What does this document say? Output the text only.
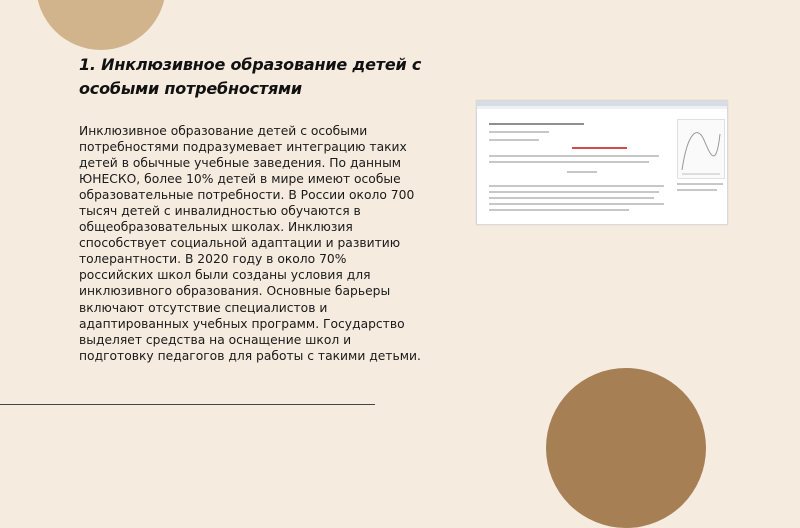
1. Инклюзивное образование детей с особыми потребностями

Инклюзивное образование детей с особыми потребностями подразумевает интеграцию таких детей в обычные учебные заведения. По данным ЮНЕСКО, более 10% детей в мире имеют особые образовательные потребности. В России около 700 тысяч детей с инвалидностью обучаются в общеобразовательных школах. Инклюзия способствует социальной адаптации и развитию толерантности. В 2020 году в около 70% российских школ были созданы условия для инклюзивного образования. Основные барьеры включают отсутствие специалистов и адаптированных учебных программ. Государство выделяет средства на оснащение школ и подготовку педагогов для работы с такими детьми.
